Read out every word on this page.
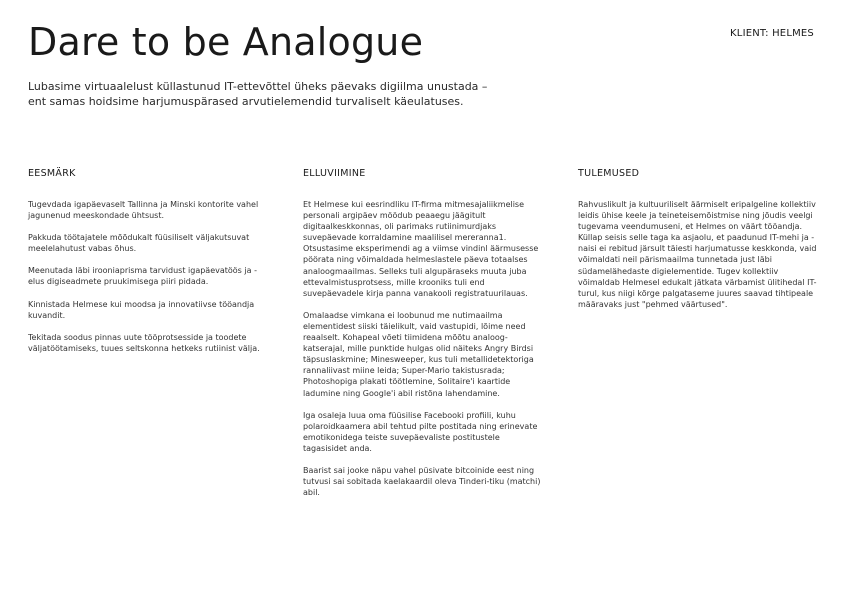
Dare to be Analogue	KLIENT: HELMES
Lubasime virtuaalelust küllastunud IT-ettevõttel üheks päevaks digiilma unustada –
ent samas hoidsime harjumuspärased arvutielemendid turvaliselt käeulatuses.
EESMÄRK

Tugevdada igapäevaselt Tallinna ja Minski kontorite vahel jagunenud meeskondade ühtsust.

Pakkuda töötajatele mõõdukalt füüsiliselt väljakutsuvat meelelahutust vabas õhus.

Meenutada läbi irooniaprisma tarvidust igapäevatöös ja -elus digiseadmete pruukimisega piiri pidada.

Kinnistada Helmese kui moodsa ja innovatiivse tööandja kuvandit.

Tekitada soodus pinnas uute tööprotsesside ja toodete väljatöötamiseks, tuues seltskonna hetkeks rutiinist välja.

ELLUVIIMINE

Et Helmese kui eesrindliku IT-firma mitmesajaliikmelise personali argipäev möödub peaaegu jäägitult digitaalkeskkonnas, oli parimaks rutiinimurdjaks suvepäevade korraldamine maalilisel mereranna1. Otsustasime eksperimendi ag a viimse vindinl äärmusesse pöörata ning võimaldada helmeslastele päeva totaalses analoogmaailmas. Selleks tuli algupäraseks muuta juba ettevalmistusprotsess, mille krooniks tuli end suvepäevadele kirja panna vanakooli registratuurilauas.

Omalaadse vimkana ei loobunud me nutimaailma elementidest siiski täielikult, vaid vastupidi, lõime need reaalselt. Kohapeal võeti tiimidena mõõtu analoog-katserajal, mille punktide hulgas olid näiteks Angry Birdsi täpsuslaskmine; Minesweeper, kus tuli metallidetektoriga rannaliivast miine leida; Super-Mario takistusrada; Photoshopiga plakati töötlemine, Solitaire'i kaartide ladumine ning Google'i abil ristõna lahendamine.

Iga osaleja luua oma füüsilise Facebooki profiili, kuhu polaroidkaamera abil tehtud pilte postitada ning erinevate emotikonidega teiste suvepäevaliste postitustele tagasisidet anda.

Baarist sai jooke näpu vahel püsivate bitcoinide eest ning tutvusi sai sobitada kaelakaardil oleva Tinderi-tiku (matchi) abil.

TULEMUSED

Rahvuslikult ja kultuuriliselt äärmiselt eripalgeline kollektiiv leidis ühise keele ja teineteisemõistmise ning jõudis veelgi tugevama veendumuseni, et Helmes on väärt tööandja. Küllap seisis selle taga ka asjaolu, et paadunud IT-mehi ja -naisi ei rebitud järsult täiesti harjumatusse keskkonda, vaid võimaldati neil pärismaailma tunnetada just läbi südamelähedaste digielementide. Tugev kollektiiv võimaldab Helmesel edukalt jätkata värbamist ülitihedal IT-turul, kus niigi kõrge palgataseme juures saavad tihtipeale määravaks just "pehmed väärtused".
